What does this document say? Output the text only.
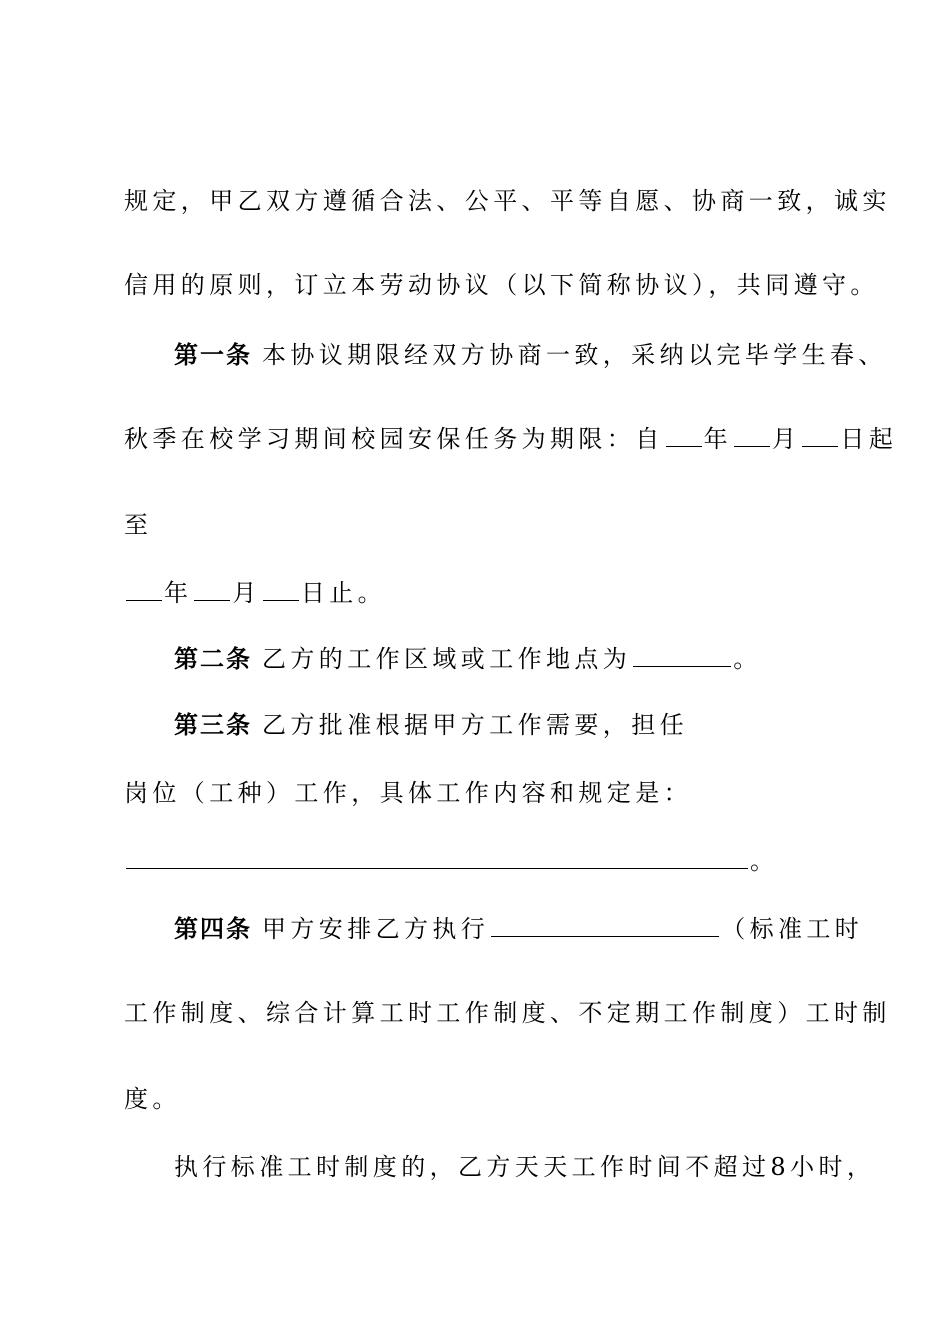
规定，甲乙双方遵循合法、公平、平等自愿、协商一致，诚实
信用的原则，订立本劳动协议（以下简称协议），共同遵守。
第一条 本协议期限经双方协商一致，采纳以完毕学生春、
秋季在校学习期间校园安保任务为期限：自 年 月 日起
至
年 月 日止。
第二条 乙方的工作区域或工作地点为	。
第三条 乙方批准根据甲方工作需要，担任
岗位（工种）工作，具体工作内容和规定是：
。
第四条 甲方安排乙方执行	（标准工时
工作制度、综合计算工时工作制度、不定期工作制度）工时制
度。
执行标准工时制度的，乙方天天工作时间不超过8小时，
